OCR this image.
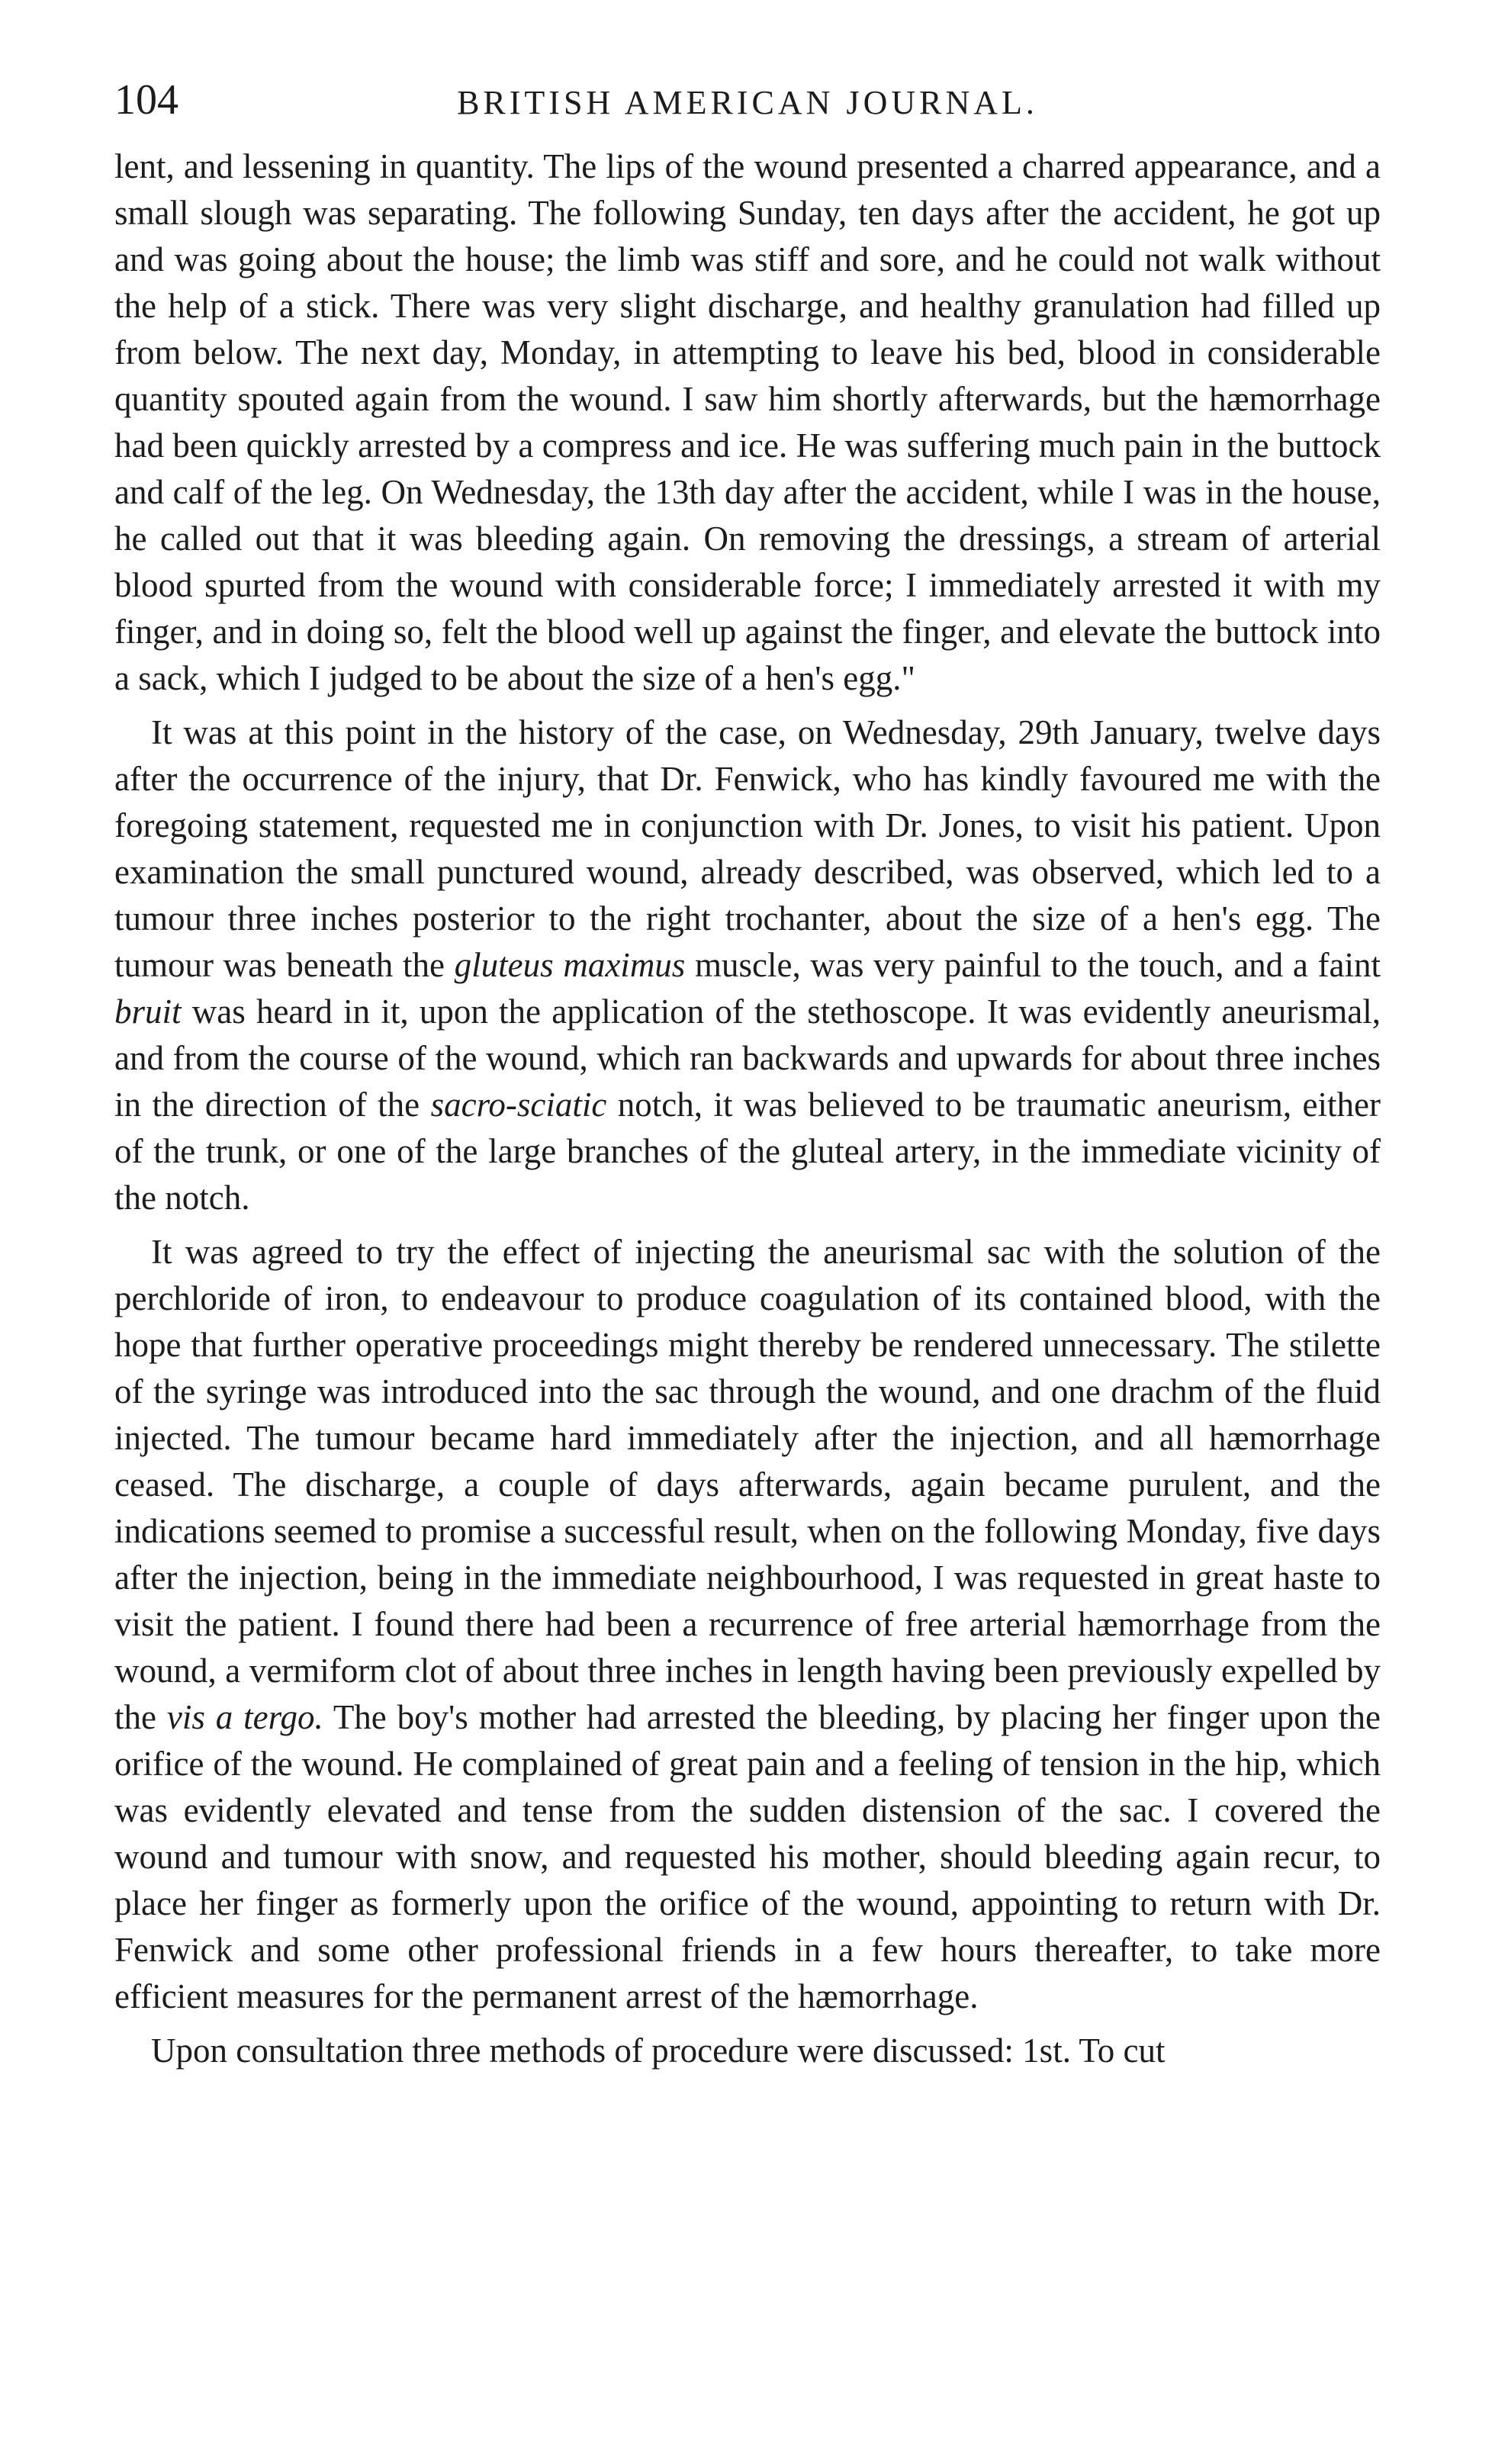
104	BRITISH AMERICAN JOURNAL.

lent, and lessening in quantity. The lips of the wound presented a charred appearance, and a small slough was separating. The following Sunday, ten days after the accident, he got up and was going about the house; the limb was stiff and sore, and he could not walk without the help of a stick. There was very slight discharge, and healthy granulation had filled up from below. The next day, Monday, in attempting to leave his bed, blood in considerable quantity spouted again from the wound. I saw him shortly afterwards, but the hæmorrhage had been quickly arrested by a compress and ice. He was suffering much pain in the buttock and calf of the leg. On Wednesday, the 13th day after the accident, while I was in the house, he called out that it was bleeding again. On removing the dressings, a stream of arterial blood spurted from the wound with considerable force; I immediately arrested it with my finger, and in doing so, felt the blood well up against the finger, and elevate the buttock into a sack, which I judged to be about the size of a hen's egg."

It was at this point in the history of the case, on Wednesday, 29th January, twelve days after the occurrence of the injury, that Dr. Fenwick, who has kindly favoured me with the foregoing statement, requested me in conjunction with Dr. Jones, to visit his patient. Upon examination the small punctured wound, already described, was observed, which led to a tumour three inches posterior to the right trochanter, about the size of a hen's egg. The tumour was beneath the gluteus maximus muscle, was very painful to the touch, and a faint bruit was heard in it, upon the application of the stethoscope. It was evidently aneurismal, and from the course of the wound, which ran backwards and upwards for about three inches in the direction of the sacro-sciatic notch, it was believed to be traumatic aneurism, either of the trunk, or one of the large branches of the gluteal artery, in the immediate vicinity of the notch.

It was agreed to try the effect of injecting the aneurismal sac with the solution of the perchloride of iron, to endeavour to produce coagulation of its contained blood, with the hope that further operative proceedings might thereby be rendered unnecessary. The stilette of the syringe was introduced into the sac through the wound, and one drachm of the fluid injected. The tumour became hard immediately after the injection, and all hæmorrhage ceased. The discharge, a couple of days afterwards, again became purulent, and the indications seemed to promise a successful result, when on the following Monday, five days after the injection, being in the immediate neighbourhood, I was requested in great haste to visit the patient. I found there had been a recurrence of free arterial hæmorrhage from the wound, a vermiform clot of about three inches in length having been previously expelled by the vis a tergo. The boy's mother had arrested the bleeding, by placing her finger upon the orifice of the wound. He complained of great pain and a feeling of tension in the hip, which was evidently elevated and tense from the sudden distension of the sac. I covered the wound and tumour with snow, and requested his mother, should bleeding again recur, to place her finger as formerly upon the orifice of the wound, appointing to return with Dr. Fenwick and some other professional friends in a few hours thereafter, to take more efficient measures for the permanent arrest of the hæmorrhage.

Upon consultation three methods of procedure were discussed: 1st. To cut
